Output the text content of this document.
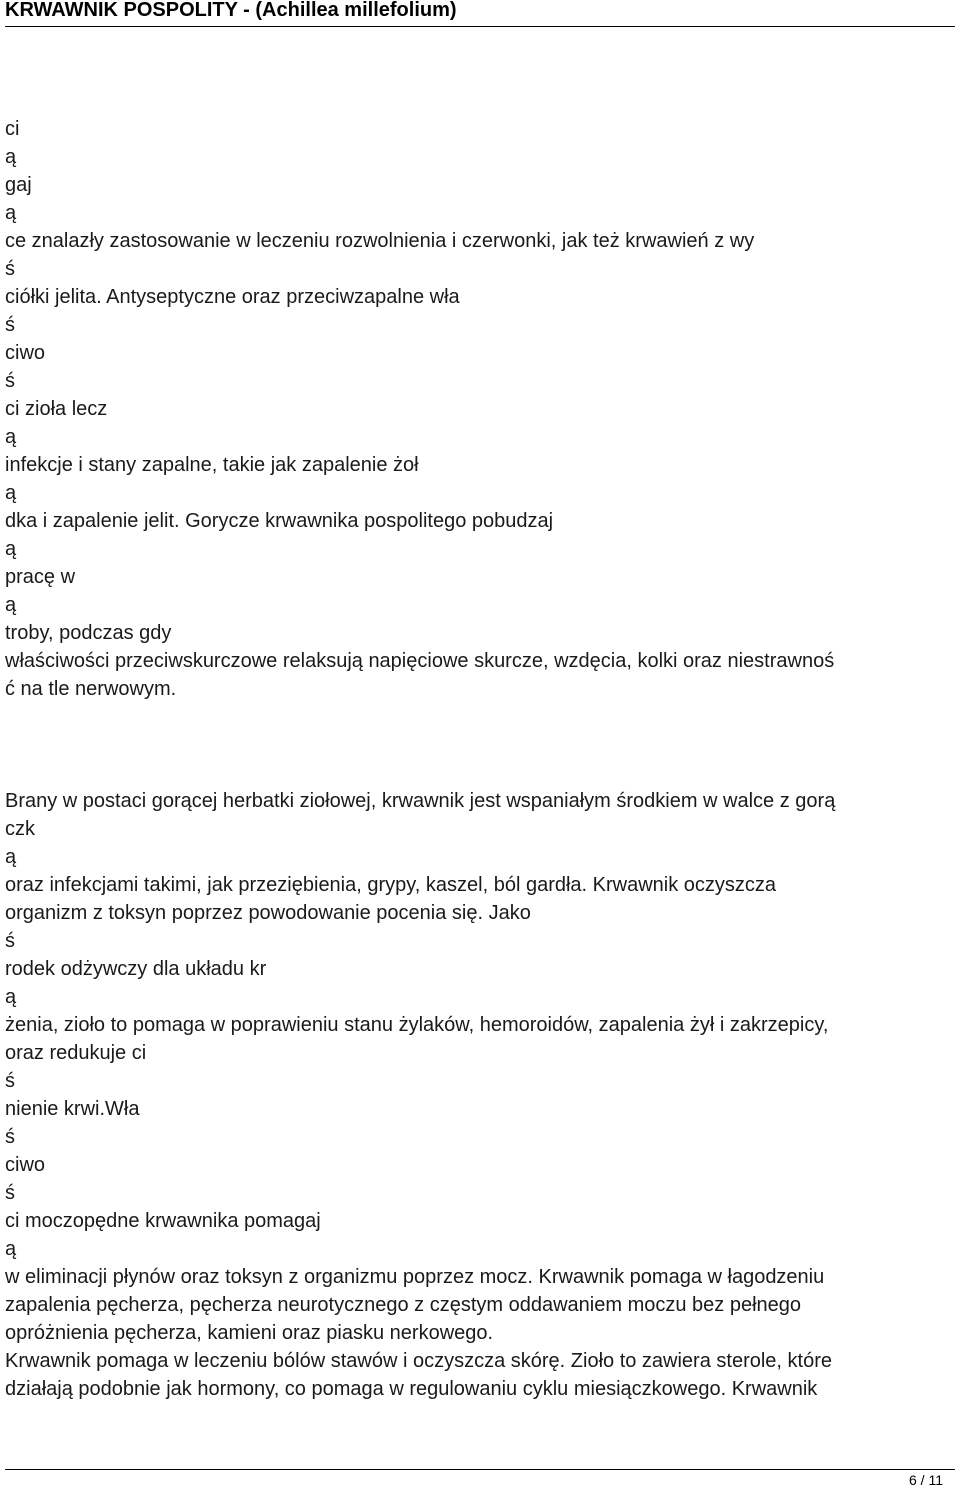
KRWAWNIK POSPOLITY - (Achillea millefolium)
ci
ą
gaj
ą
ce znalazły zastosowanie w leczeniu rozwolnienia i czerwonki, jak też krwawień z wy
ś
ciółki jelita. Antyseptyczne oraz przeciwzapalne wła
ś
ciwo
ś
ci zioła lecz
ą
infekcje i stany zapalne, takie jak zapalenie żoł
ą
dka i zapalenie jelit. Gorycze krwawnika pospolitego pobudzaj
ą
pracę w
ą
troby, podczas gdy
właściwości przeciwskurczowe relaksują napięciowe skurcze, wzdęcia, kolki oraz niestrawnoś
ć na tle nerwowym.
Brany w postaci gorącej herbatki ziołowej, krwawnik jest wspaniałym środkiem w walce z gorą
czk
ą
oraz infekcjami takimi, jak przeziębienia, grypy, kaszel, ból gardła. Krwawnik oczyszcza
organizm z toksyn poprzez powodowanie pocenia się. Jako
ś
rodek odżywczy dla układu kr
ą
żenia, zioło to pomaga w poprawieniu stanu żylaków, hemoroidów, zapalenia żył i zakrzepicy,
oraz redukuje ci
ś
nienie krwi.Wła
ś
ciwo
ś
ci moczopędne krwawnika pomagaj
ą
w eliminacji płynów oraz toksyn z organizmu poprzez mocz. Krwawnik pomaga w łagodzeniu
zapalenia pęcherza, pęcherza neurotycznego z częstym oddawaniem moczu bez pełnego
opróżnienia pęcherza, kamieni oraz piasku nerkowego.
Krwawnik pomaga w leczeniu bólów stawów i oczyszcza skórę. Zioło to zawiera sterole, które
działają podobnie jak hormony, co pomaga w regulowaniu cyklu miesiączkowego. Krwawnik
6 / 11
